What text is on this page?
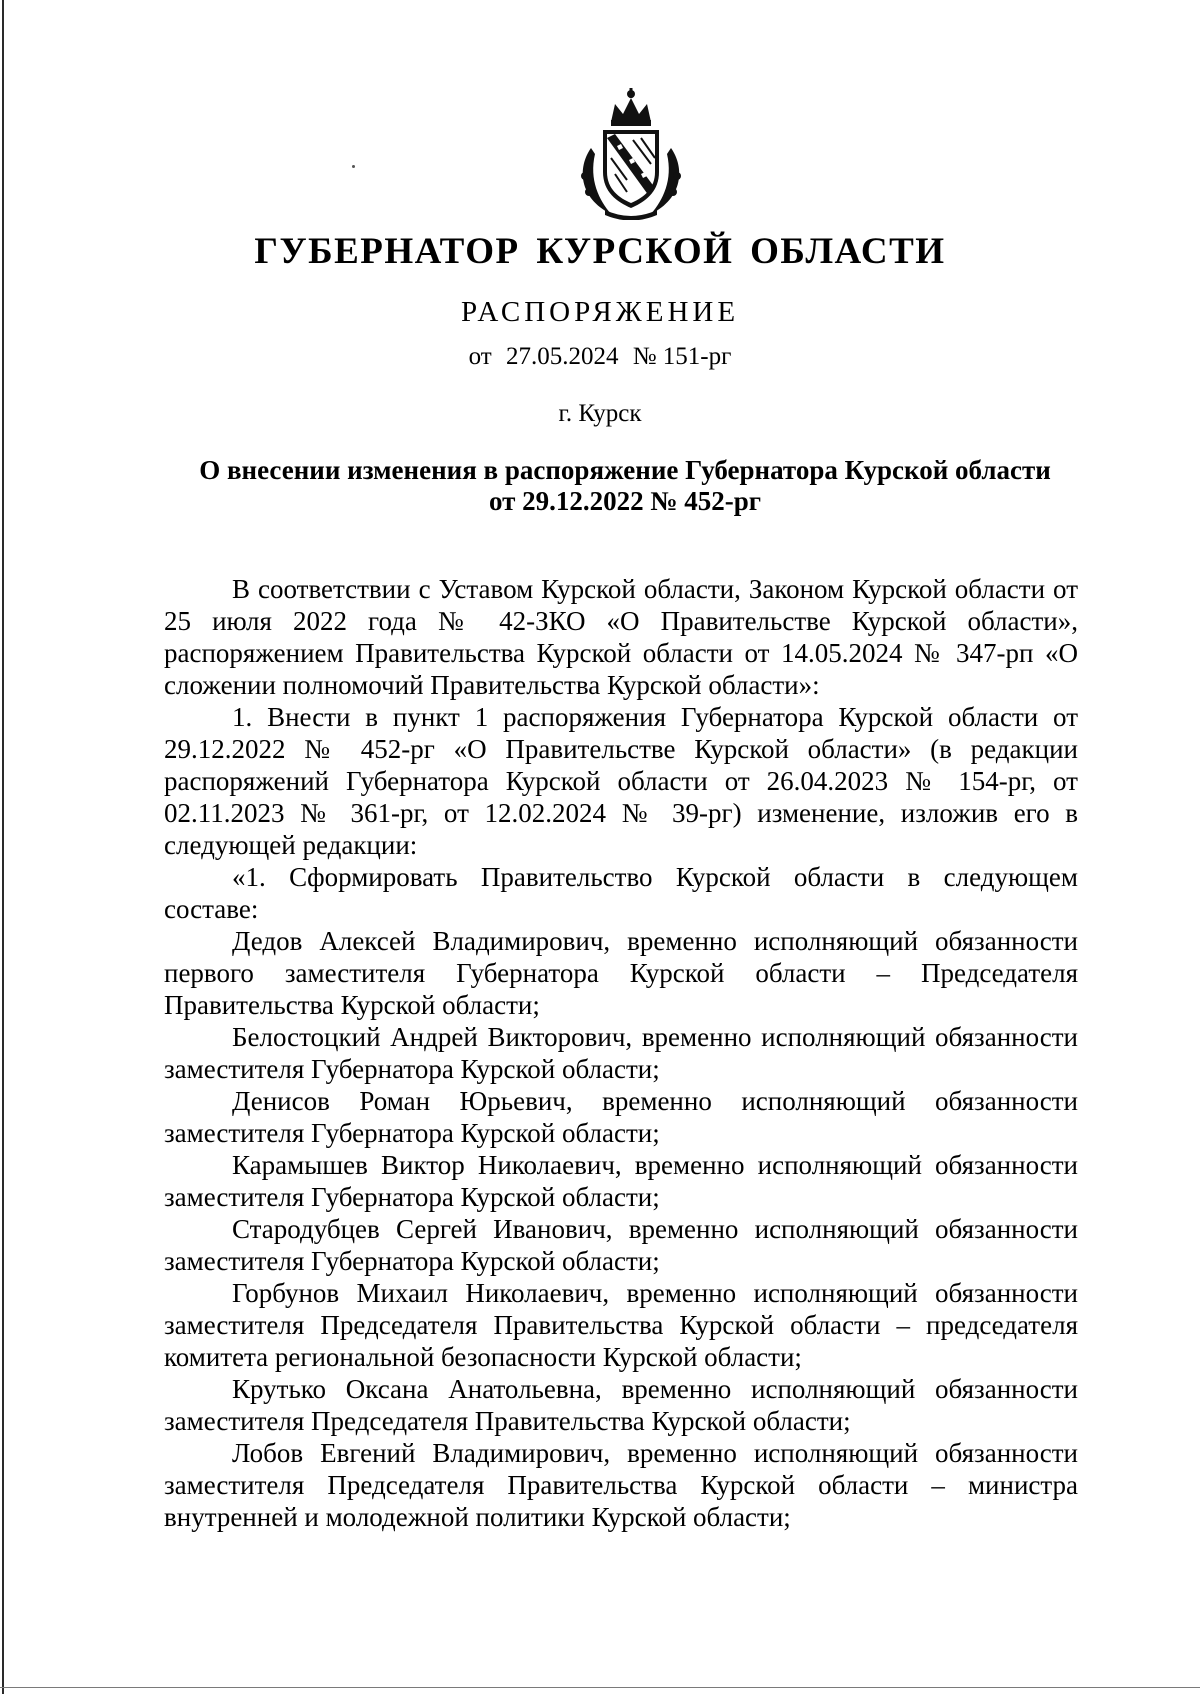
ГУБЕРНАТОР КУРСКОЙ ОБЛАСТИ
РАСПОРЯЖЕНИЕ
от 27.05.2024 № 151-рг
г. Курск
О внесении изменения в распоряжение Губернатора Курской области
от 29.12.2022 № 452-рг

В соответствии с Уставом Курской области, Законом Курской области от 25 июля 2022 года № 42-ЗКО «О Правительстве Курской области», распоряжением Правительства Курской области от 14.05.2024 № 347-рп «О сложении полномочий Правительства Курской области»:

1. Внести в пункт 1 распоряжения Губернатора Курской области от 29.12.2022 № 452-рг «О Правительстве Курской области» (в редакции распоряжений Губернатора Курской области от 26.04.2023 № 154-рг, от 02.11.2023 № 361-рг, от 12.02.2024 № 39-рг) изменение, изложив его в следующей редакции:

«1. Сформировать Правительство Курской области в следующем составе:

Дедов Алексей Владимирович, временно исполняющий обязанности первого заместителя Губернатора Курской области – Председателя Правительства Курской области;

Белостоцкий Андрей Викторович, временно исполняющий обязанности заместителя Губернатора Курской области;

Денисов Роман Юрьевич, временно исполняющий обязанности заместителя Губернатора Курской области;

Карамышев Виктор Николаевич, временно исполняющий обязанности заместителя Губернатора Курской области;

Стародубцев Сергей Иванович, временно исполняющий обязанности заместителя Губернатора Курской области;

Горбунов Михаил Николаевич, временно исполняющий обязанности заместителя Председателя Правительства Курской области – председателя комитета региональной безопасности Курской области;

Крутько Оксана Анатольевна, временно исполняющий обязанности заместителя Председателя Правительства Курской области;

Лобов Евгений Владимирович, временно исполняющий обязанности заместителя Председателя Правительства Курской области – министра внутренней и молодежной политики Курской области;
